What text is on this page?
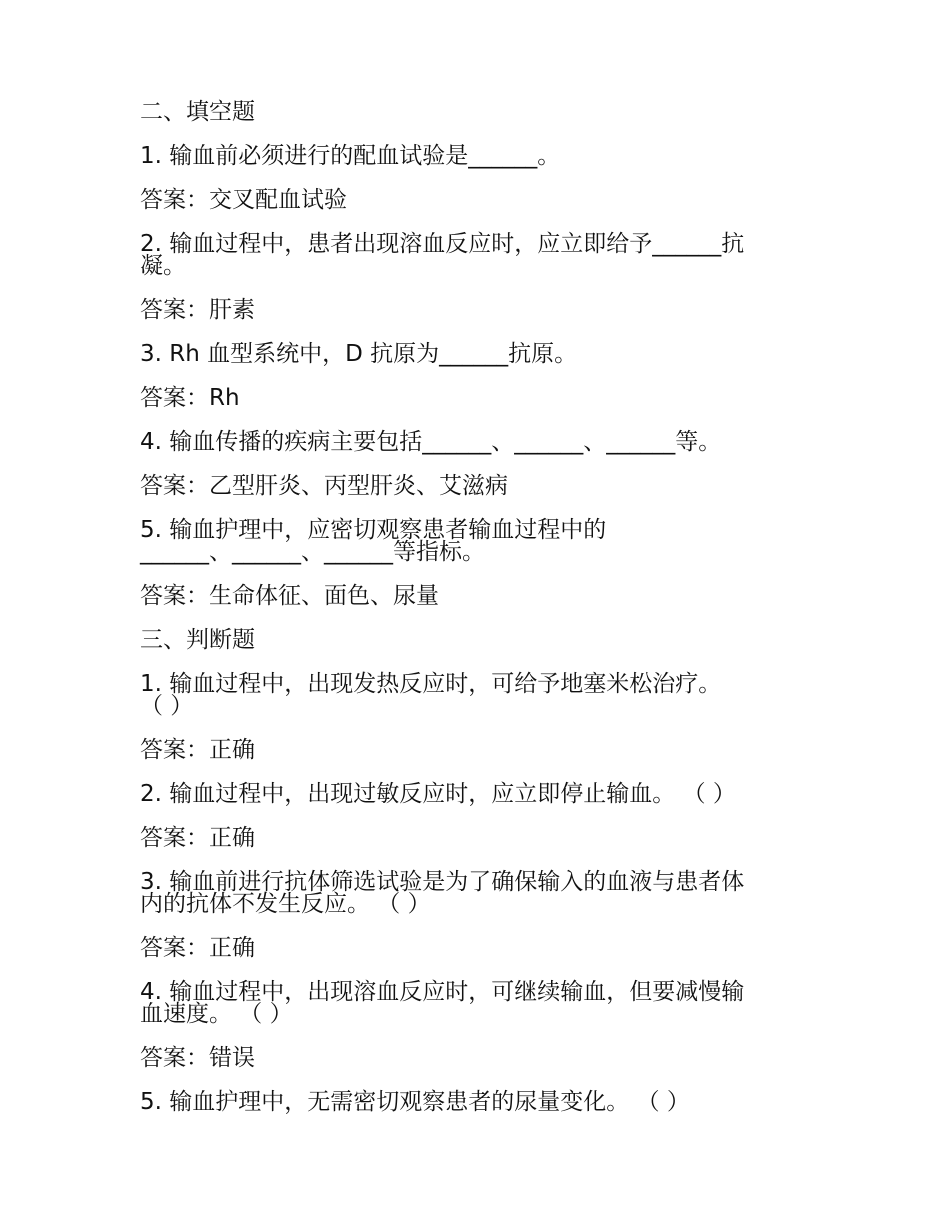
二、填空题

1. 输血前必须进行的配血试验是______。

答案：交叉配血试验

2. 输血过程中，患者出现溶血反应时，应立即给予______抗

凝。

答案：肝素

3. Rh 血型系统中，D 抗原为______抗原。

答案：Rh

4. 输血传播的疾病主要包括______、______、______等。

答案：乙型肝炎、丙型肝炎、艾滋病

5. 输血护理中，应密切观察患者输血过程中的

______、______、______等指标。

答案：生命体征、面色、尿量

三、判断题

1. 输血过程中，出现发热反应时，可给予地塞米松治疗。

（ ）

答案：正确

2. 输血过程中，出现过敏反应时，应立即停止输血。 （ ）

答案：正确

3. 输血前进行抗体筛选试验是为了确保输入的血液与患者体

内的抗体不发生反应。 （ ）

答案：正确

4. 输血过程中，出现溶血反应时，可继续输血，但要减慢输

血速度。 （ ）

答案：错误

5. 输血护理中，无需密切观察患者的尿量变化。 （ ）
